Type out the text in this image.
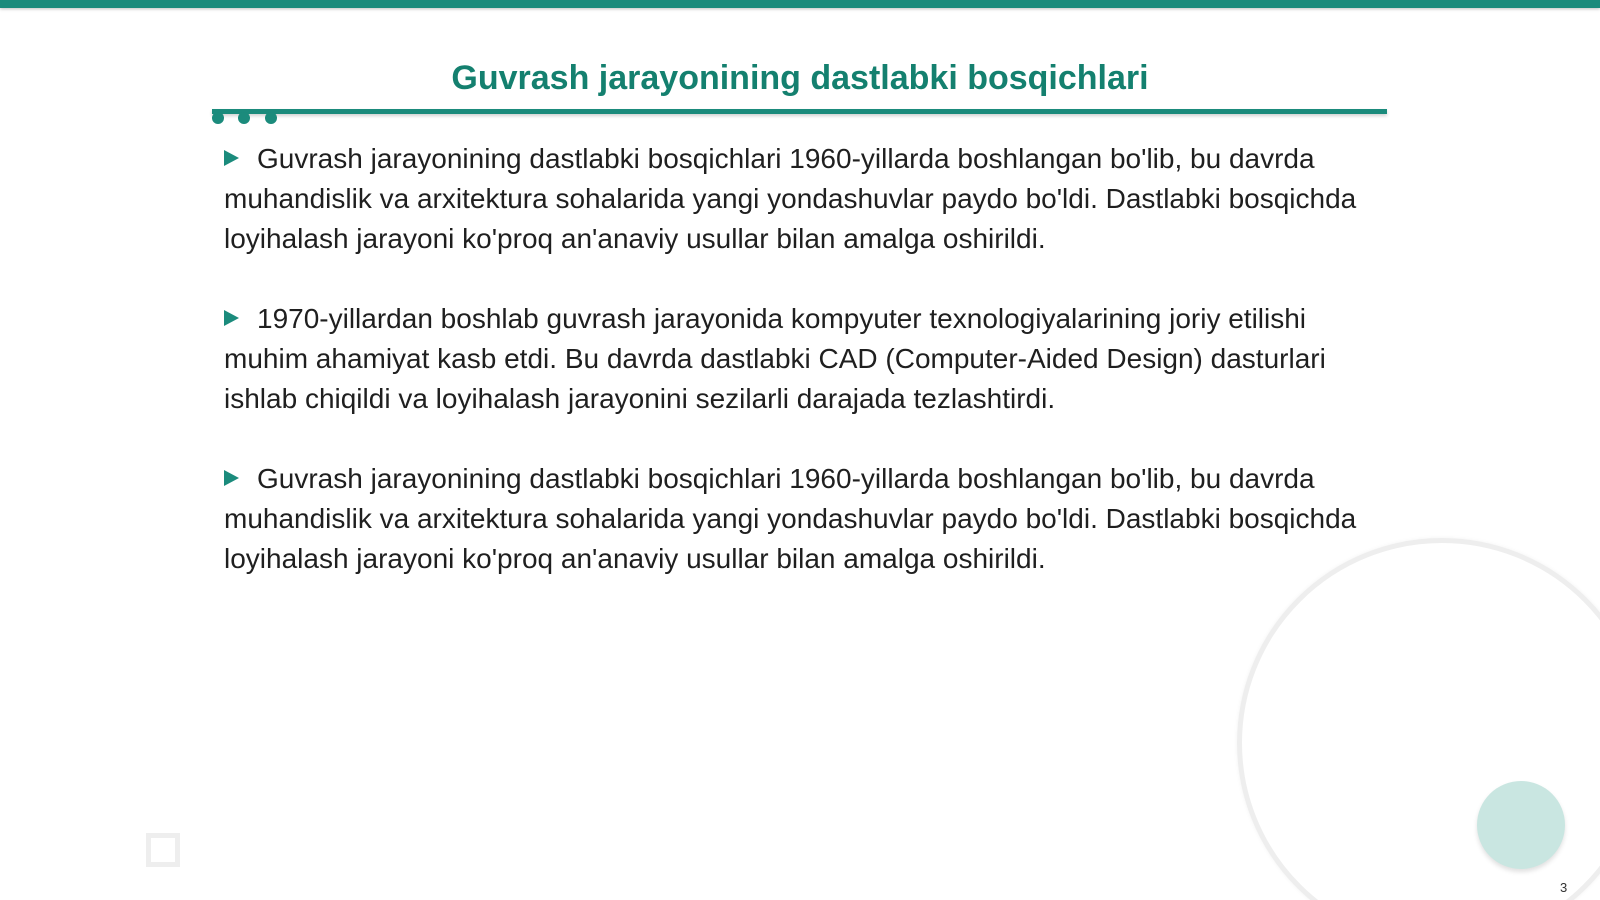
Guvrash jarayonining dastlabki bosqichlari

Guvrash jarayonining dastlabki bosqichlari 1960-yillarda boshlangan bo'lib, bu davrda muhandislik va arxitektura sohalarida yangi yondashuvlar paydo bo'ldi. Dastlabki bosqichda loyihalash jarayoni ko'proq an'anaviy usullar bilan amalga oshirildi.

1970-yillardan boshlab guvrash jarayonida kompyuter texnologiyalarining joriy etilishi muhim ahamiyat kasb etdi. Bu davrda dastlabki CAD (Computer-Aided Design) dasturlari ishlab chiqildi va loyihalash jarayonini sezilarli darajada tezlashtirdi.

Guvrash jarayonining dastlabki bosqichlari 1960-yillarda boshlangan bo'lib, bu davrda muhandislik va arxitektura sohalarida yangi yondashuvlar paydo bo'ldi. Dastlabki bosqichda loyihalash jarayoni ko'proq an'anaviy usullar bilan amalga oshirildi.

3
